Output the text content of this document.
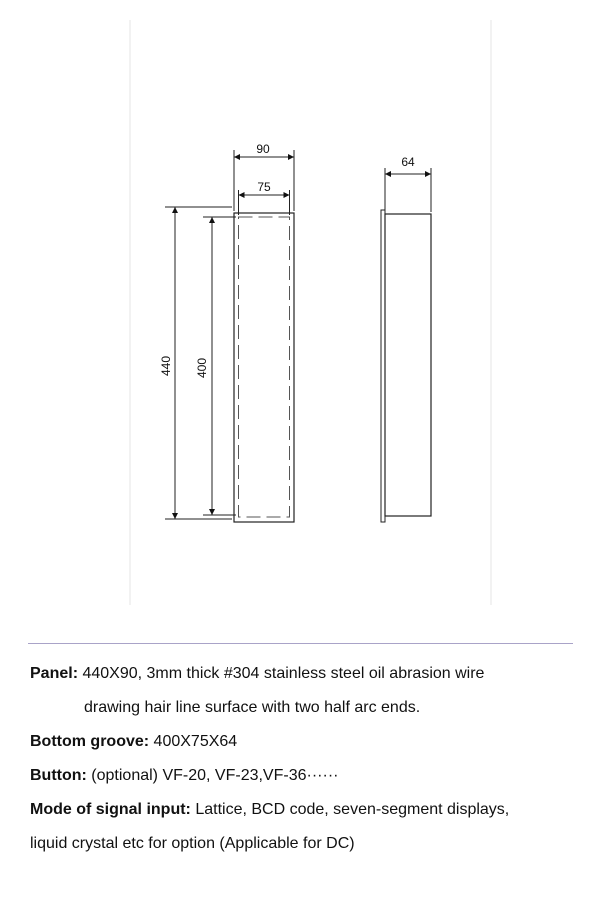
90
75
440 400
64
Panel: 440X90, 3mm thick #304 stainless steel oil abrasion wire
drawing hair line surface with two half arc ends.
Bottom groove: 400X75X64
Button: (optional) VF-20, VF-23,VF-36······
Mode of signal input: Lattice, BCD code, seven-segment displays,
liquid crystal etc for option (Applicable for DC)
